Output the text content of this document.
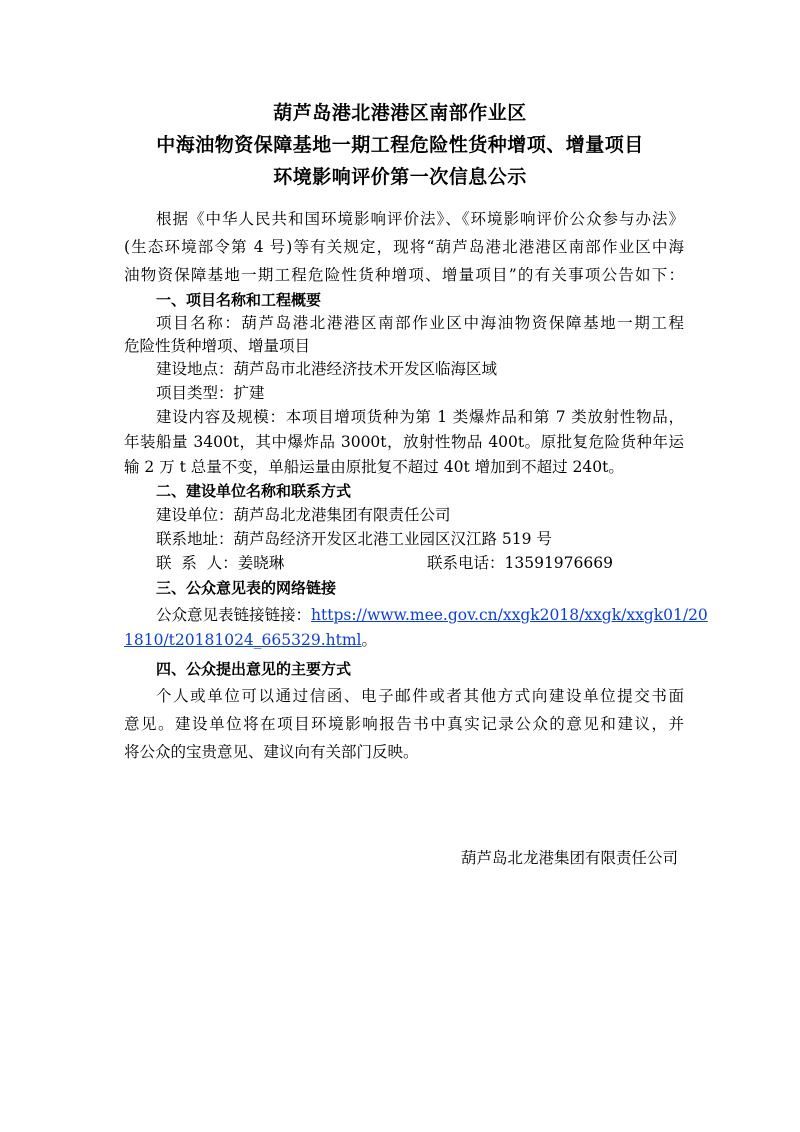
葫芦岛港北港港区南部作业区
中海油物资保障基地一期工程危险性货种增项、增量项目
环境影响评价第一次信息公示
根据《中华人民共和国环境影响评价法》、《环境影响评价公众参与办法》
(生态环境部令第 4 号)等有关规定，现将“葫芦岛港北港港区南部作业区中海
油物资保障基地一期工程危险性货种增项、增量项目”的有关事项公告如下：
一、项目名称和工程概要
项目名称：葫芦岛港北港港区南部作业区中海油物资保障基地一期工程
危险性货种增项、增量项目
建设地点：葫芦岛市北港经济技术开发区临海区域
项目类型：扩建
建设内容及规模：本项目增项货种为第 1 类爆炸品和第 7 类放射性物品，
年装船量 3400t，其中爆炸品 3000t，放射性物品 400t。原批复危险货种年运
输 2 万 t 总量不变，单船运量由原批复不超过 40t 增加到不超过 240t。
二、建设单位名称和联系方式
建设单位：葫芦岛北龙港集团有限责任公司
联系地址：葫芦岛经济开发区北港工业园区汉江路 519 号
联  系  人：姜晓琳	联系电话：13591976669
三、公众意见表的网络链接
公众意见表链接链接：https://www.mee.gov.cn/xxgk2018/xxgk/xxgk01/20
1810/t20181024_665329.html。
四、公众提出意见的主要方式
个人或单位可以通过信函、电子邮件或者其他方式向建设单位提交书面
意见。建设单位将在项目环境影响报告书中真实记录公众的意见和建议，并
将公众的宝贵意见、建议向有关部门反映。
葫芦岛北龙港集团有限责任公司
